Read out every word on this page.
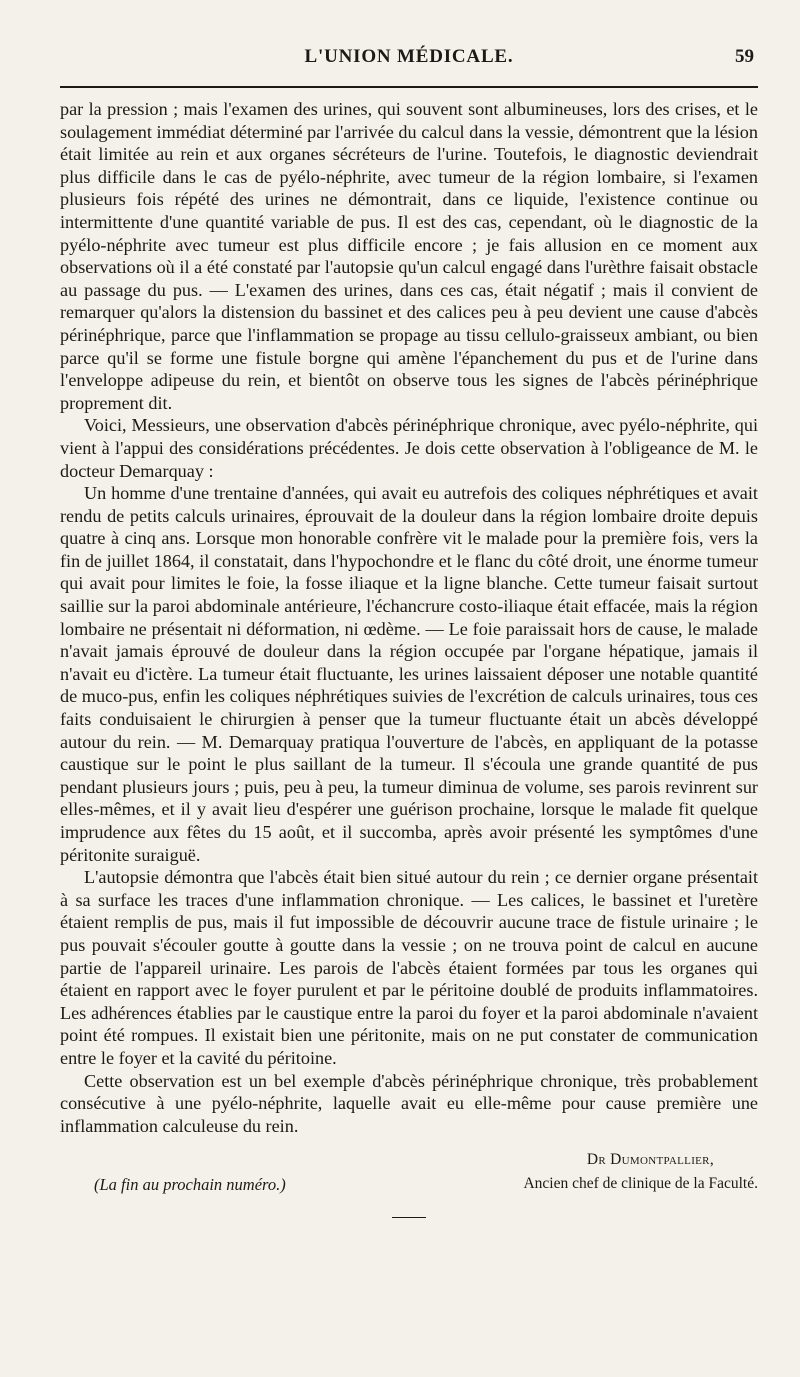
L'UNION MÉDICALE.	59

par la pression ; mais l'examen des urines, qui souvent sont albumineuses, lors des crises, et le soulagement immédiat déterminé par l'arrivée du calcul dans la vessie, démontrent que la lésion était limitée au rein et aux organes sécréteurs de l'urine. Toutefois, le diagnostic deviendrait plus difficile dans le cas de pyélo-néphrite, avec tumeur de la région lombaire, si l'examen plusieurs fois répété des urines ne démontrait, dans ce liquide, l'existence continue ou intermittente d'une quantité variable de pus. Il est des cas, cependant, où le diagnostic de la pyélo-néphrite avec tumeur est plus difficile encore ; je fais allusion en ce moment aux observations où il a été constaté par l'autopsie qu'un calcul engagé dans l'urèthre faisait obstacle au passage du pus. — L'examen des urines, dans ces cas, était négatif ; mais il convient de remarquer qu'alors la distension du bassinet et des calices peu à peu devient une cause d'abcès périnéphrique, parce que l'inflammation se propage au tissu cellulo-graisseux ambiant, ou bien parce qu'il se forme une fistule borgne qui amène l'épanchement du pus et de l'urine dans l'enveloppe adipeuse du rein, et bientôt on observe tous les signes de l'abcès périnéphrique proprement dit.

Voici, Messieurs, une observation d'abcès périnéphrique chronique, avec pyélo-néphrite, qui vient à l'appui des considérations précédentes. Je dois cette observation à l'obligeance de M. le docteur Demarquay :

Un homme d'une trentaine d'années, qui avait eu autrefois des coliques néphrétiques et avait rendu de petits calculs urinaires, éprouvait de la douleur dans la région lombaire droite depuis quatre à cinq ans. Lorsque mon honorable confrère vit le malade pour la première fois, vers la fin de juillet 1864, il constatait, dans l'hypochondre et le flanc du côté droit, une énorme tumeur qui avait pour limites le foie, la fosse iliaque et la ligne blanche. Cette tumeur faisait surtout saillie sur la paroi abdominale antérieure, l'échancrure costo-iliaque était effacée, mais la région lombaire ne présentait ni déformation, ni œdème. — Le foie paraissait hors de cause, le malade n'avait jamais éprouvé de douleur dans la région occupée par l'organe hépatique, jamais il n'avait eu d'ictère. La tumeur était fluctuante, les urines laissaient déposer une notable quantité de muco-pus, enfin les coliques néphrétiques suivies de l'excrétion de calculs urinaires, tous ces faits conduisaient le chirurgien à penser que la tumeur fluctuante était un abcès développé autour du rein. — M. Demarquay pratiqua l'ouverture de l'abcès, en appliquant de la potasse caustique sur le point le plus saillant de la tumeur. Il s'écoula une grande quantité de pus pendant plusieurs jours ; puis, peu à peu, la tumeur diminua de volume, ses parois revinrent sur elles-mêmes, et il y avait lieu d'espérer une guérison prochaine, lorsque le malade fit quelque imprudence aux fêtes du 15 août, et il succomba, après avoir présenté les symptômes d'une péritonite suraiguë.

L'autopsie démontra que l'abcès était bien situé autour du rein ; ce dernier organe présentait à sa surface les traces d'une inflammation chronique. — Les calices, le bassinet et l'uretère étaient remplis de pus, mais il fut impossible de découvrir aucune trace de fistule urinaire ; le pus pouvait s'écouler goutte à goutte dans la vessie ; on ne trouva point de calcul en aucune partie de l'appareil urinaire. Les parois de l'abcès étaient formées par tous les organes qui étaient en rapport avec le foyer purulent et par le péritoine doublé de produits inflammatoires. Les adhérences établies par le caustique entre la paroi du foyer et la paroi abdominale n'avaient point été rompues. Il existait bien une péritonite, mais on ne put constater de communication entre le foyer et la cavité du péritoine.

Cette observation est un bel exemple d'abcès périnéphrique chronique, très probablement consécutive à une pyélo-néphrite, laquelle avait eu elle-même pour cause première une inflammation calculeuse du rein.

Dr Dumontpallier,
(La fin au prochain numéro.)	Ancien chef de clinique de la Faculté.
